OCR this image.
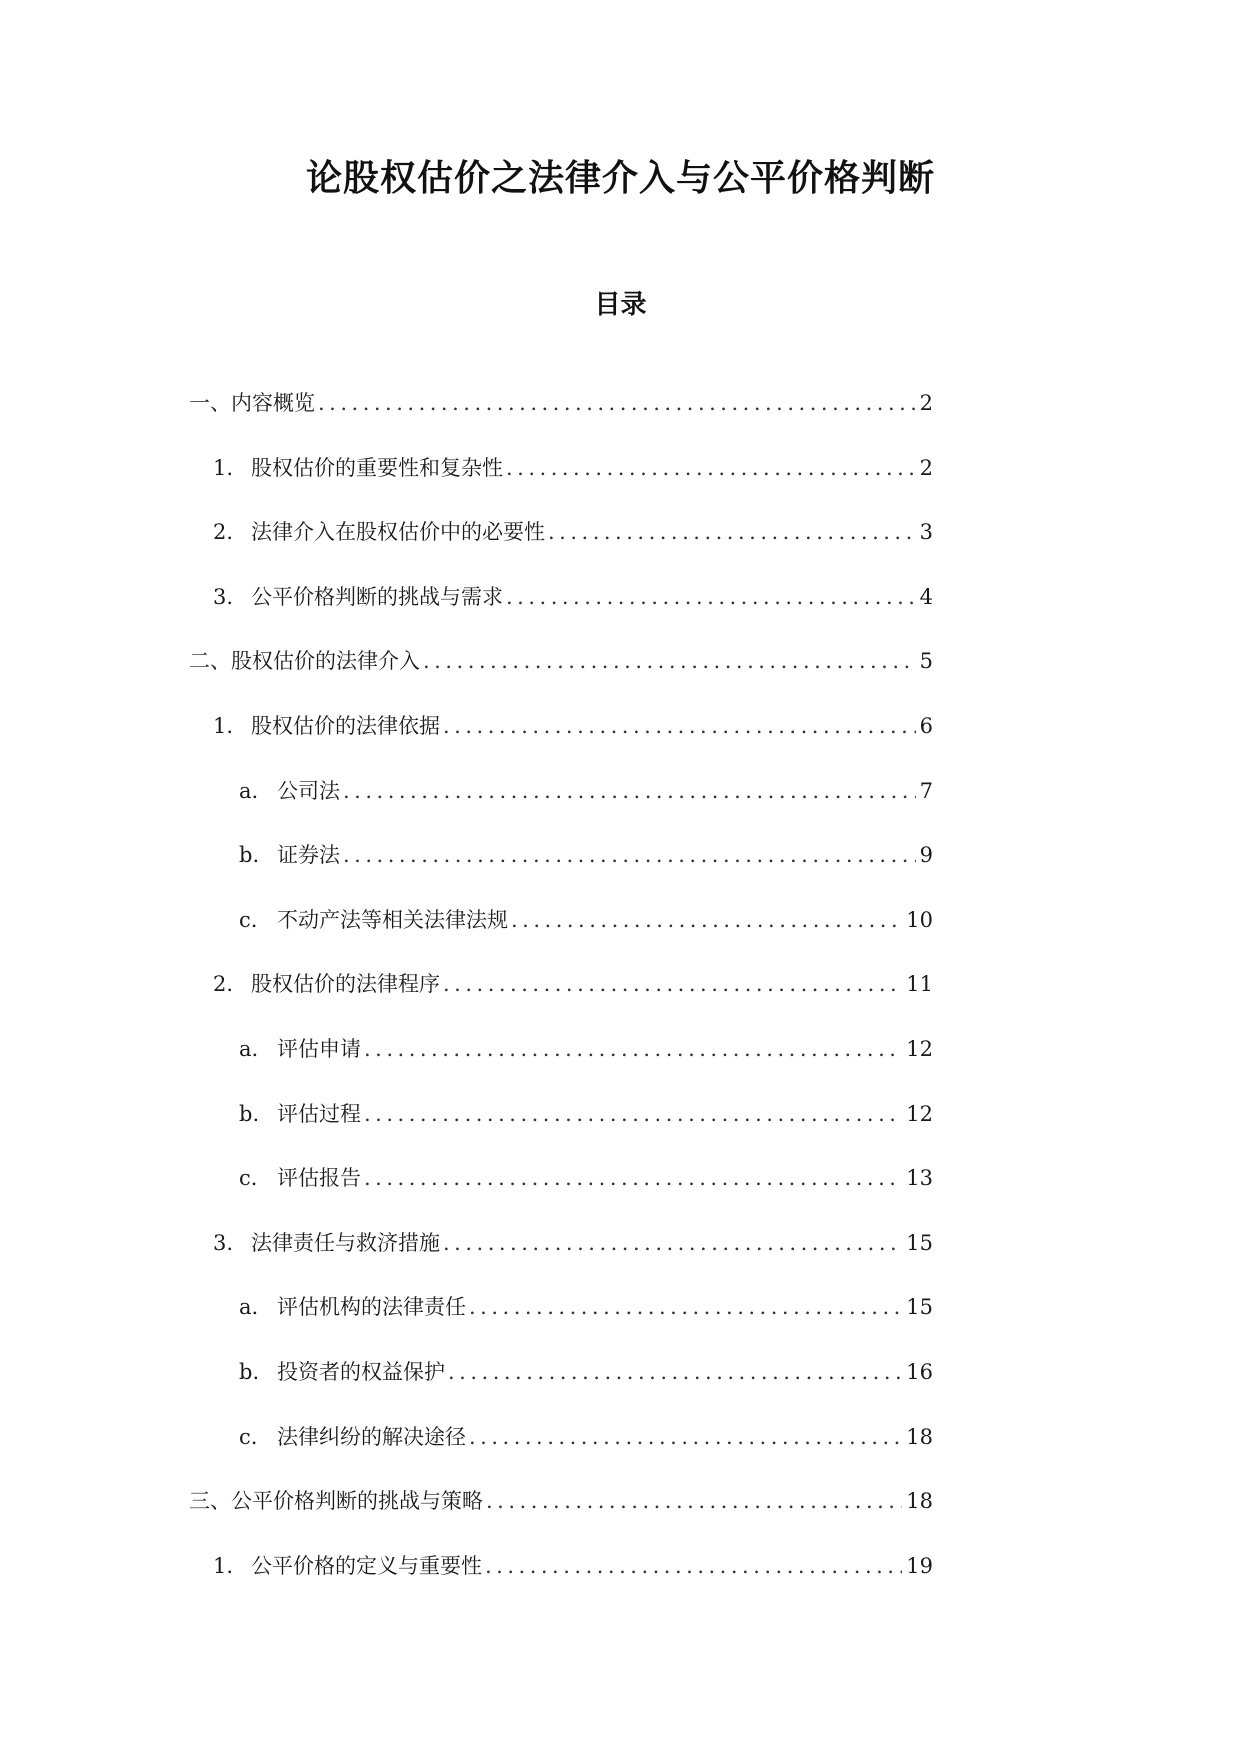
论股权估价之法律介入与公平价格判断
目录
一、 内容概览 .....	2
1. 股权估价的重要性和复杂性 .....	2
2. 法律介入在股权估价中的必要性 .....	3
3. 公平价格判断的挑战与需求 .....	4
二、 股权估价的法律介入 .....	5
1. 股权估价的法律依据 .....	6
a. 公司法 .....	7
b. 证券法 .....	9
c. 不动产法等相关法律法规 .....	10
2. 股权估价的法律程序 .....	11
a. 评估申请 .....	12
b. 评估过程 .....	12
c. 评估报告 .....	13
3. 法律责任与救济措施 .....	15
a. 评估机构的法律责任 .....	15
b. 投资者的权益保护 .....	16
c. 法律纠纷的解决途径 .....	18
三、 公平价格判断的挑战与策略 .....	18
1. 公平价格的定义与重要性 .....	19
